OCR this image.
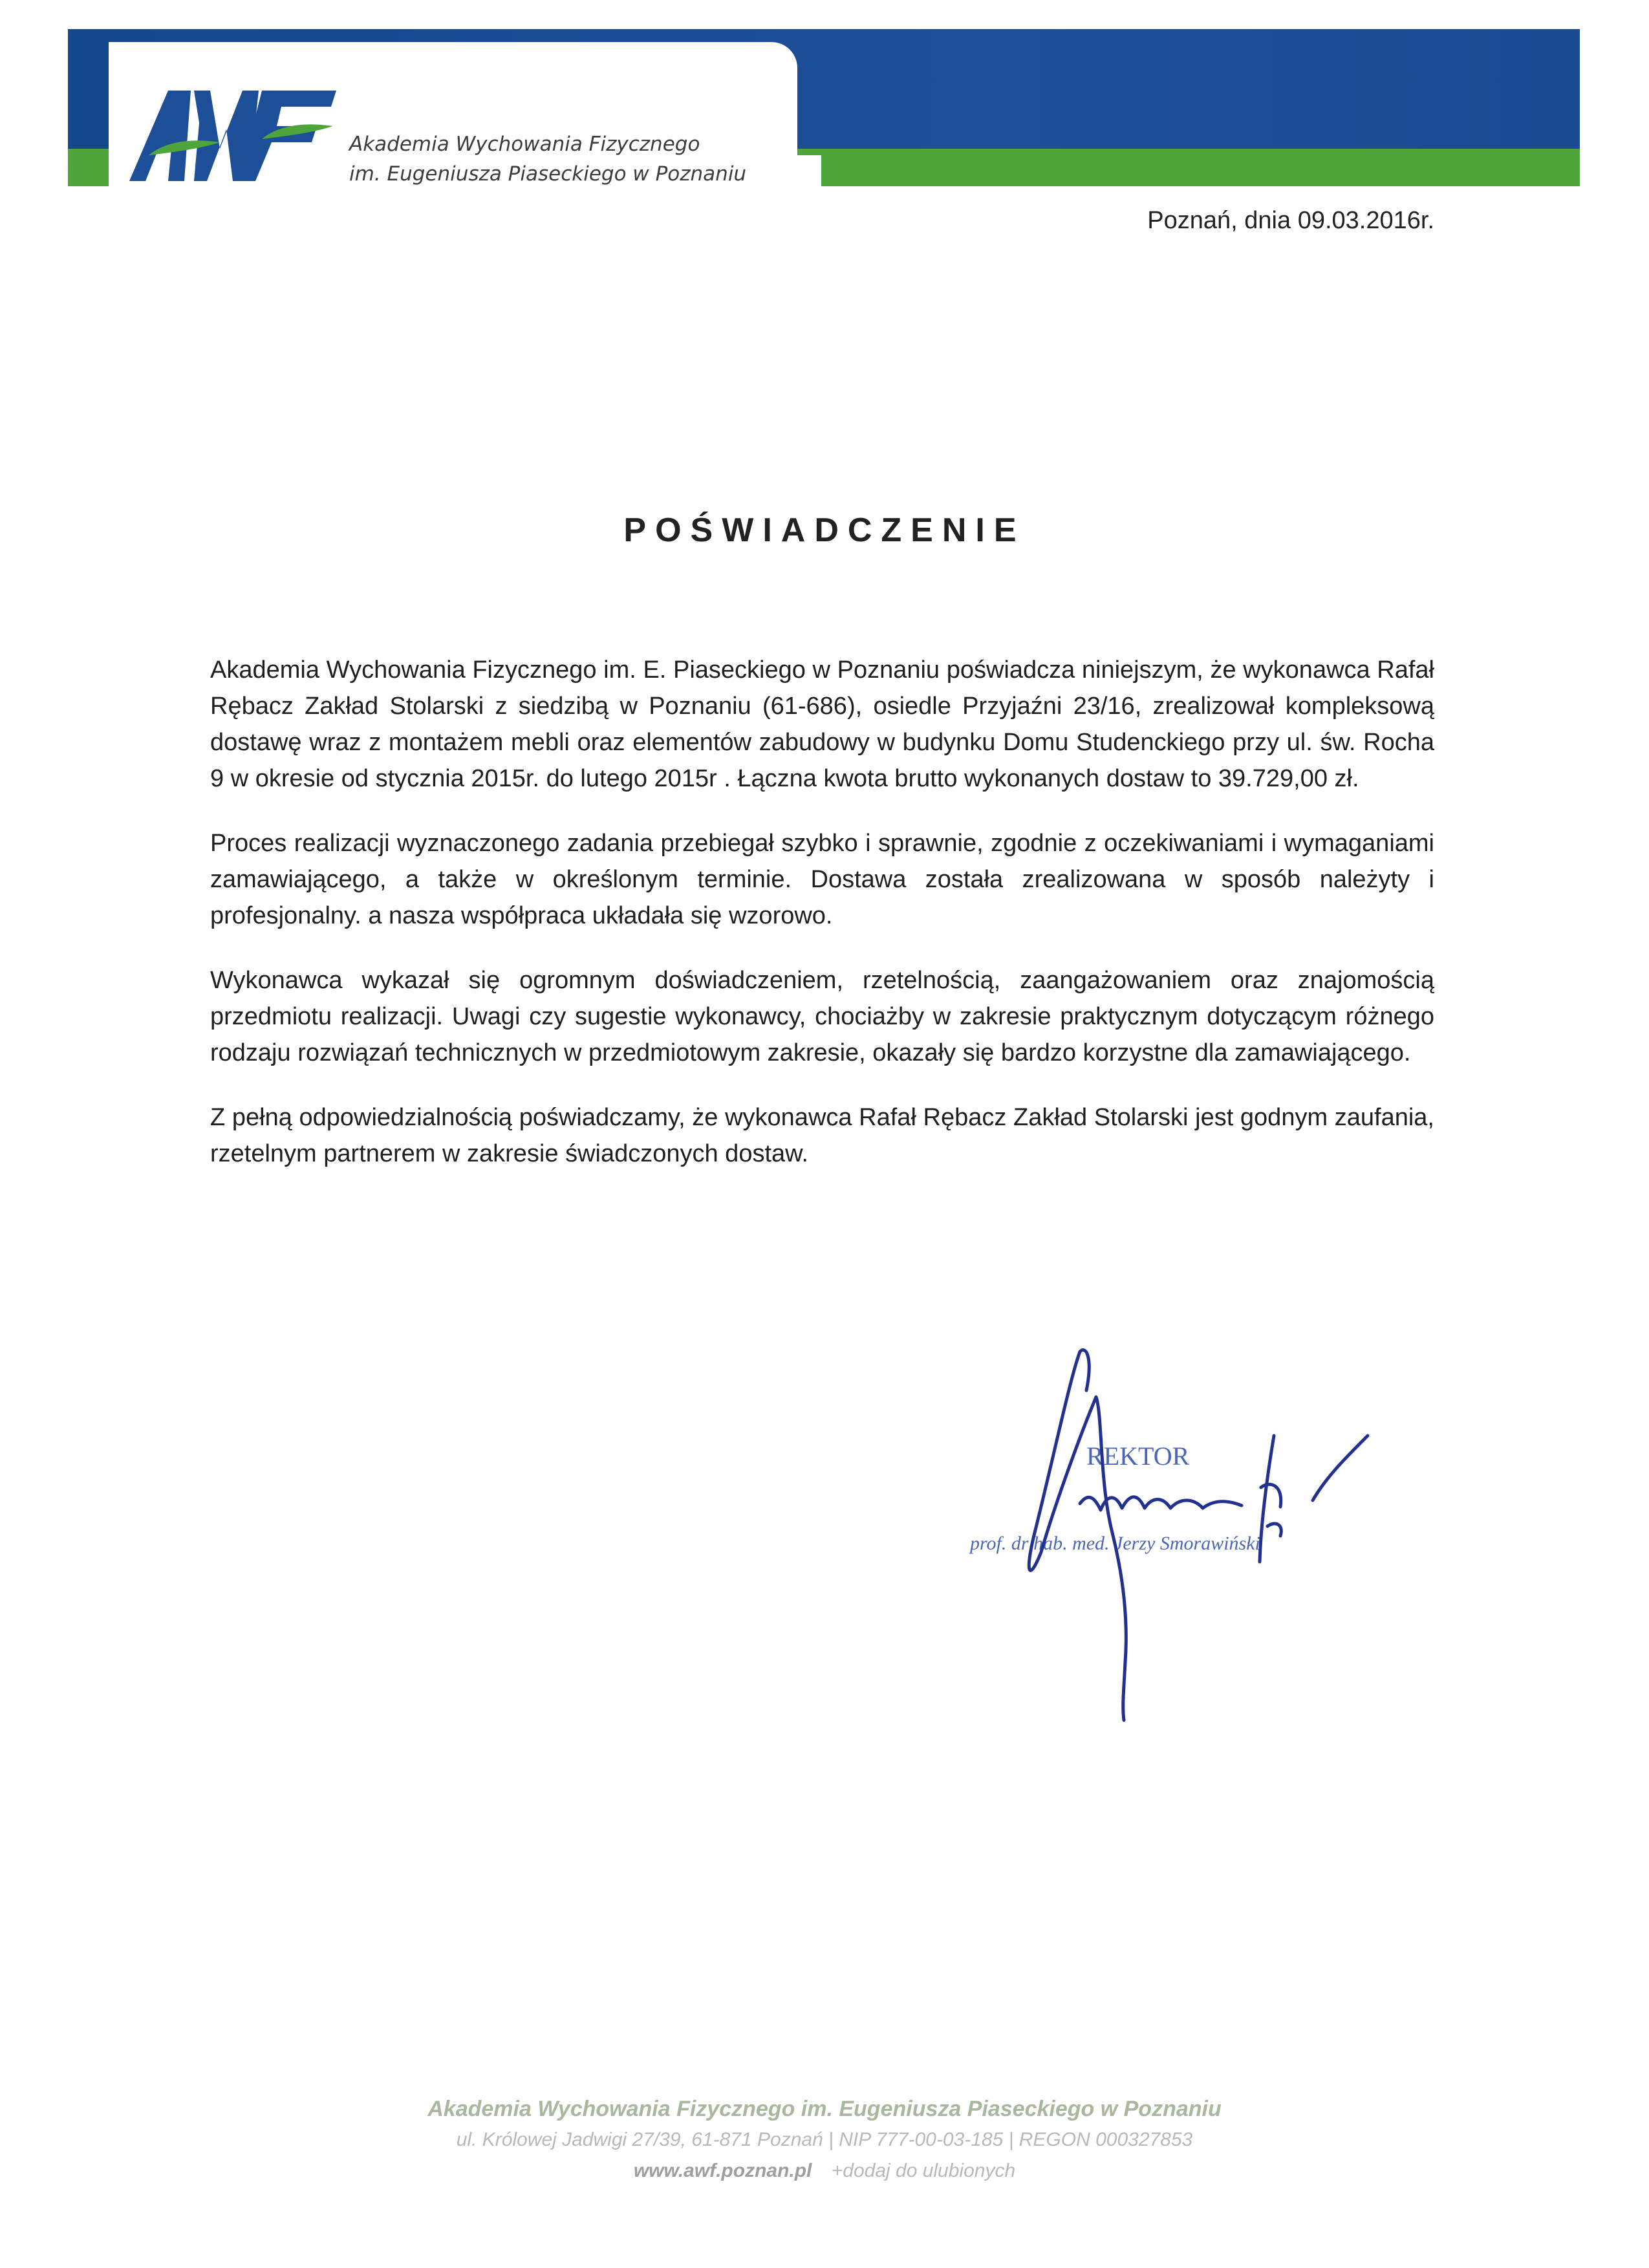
Akademia Wychowania Fizycznego
im. Eugeniusza Piaseckiego w Poznaniu
Poznań, dnia 09.03.2016r.
POŚWIADCZENIE

Akademia Wychowania Fizycznego im. E. Piaseckiego w Poznaniu poświadcza niniejszym, że wykonawca Rafał Rębacz Zakład Stolarski z siedzibą w Poznaniu (61-686), osiedle Przyjaźni 23/16, zrealizował kompleksową dostawę wraz z montażem mebli oraz elementów zabudowy w budynku Domu Studenckiego przy ul. św. Rocha 9 w okresie od stycznia 2015r. do lutego 2015r . Łączna kwota brutto wykonanych dostaw to 39.729,00 zł.

Proces realizacji wyznaczonego zadania przebiegał szybko i sprawnie, zgodnie z oczekiwaniami i wymaganiami zamawiającego, a także w określonym terminie. Dostawa została zrealizowana w sposób należyty i profesjonalny. a nasza współpraca układała się wzorowo.

Wykonawca wykazał się ogromnym doświadczeniem, rzetelnością, zaangażowaniem oraz znajomością przedmiotu realizacji. Uwagi czy sugestie wykonawcy, chociażby w zakresie praktycznym dotyczącym różnego rodzaju rozwiązań technicznych w przedmiotowym zakresie, okazały się bardzo korzystne dla zamawiającego.

Z pełną odpowiedzialnością poświadczamy, że wykonawca Rafał Rębacz Zakład Stolarski jest godnym zaufania, rzetelnym partnerem w zakresie świadczonych dostaw.

REKTOR
prof. dr hab. med. Jerzy Smorawiński
Akademia Wychowania Fizycznego im. Eugeniusza Piaseckiego w Poznaniu
ul. Królowej Jadwigi 27/39, 61-871 Poznań | NIP 777-00-03-185 | REGON 000327853
www.awf.poznan.pl +dodaj do ulubionych
